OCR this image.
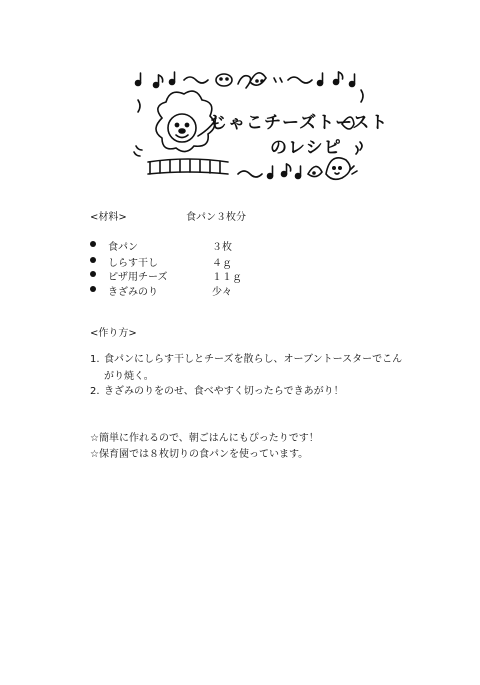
じゃこチーズトースト
のレシピ
<材料>	食パン３枚分
食パン	３枚
しらす干し	４ｇ
ピザ用チーズ	１１ｇ
きざみのり	少々
<作り方>
1. 食パンにしらす干しとチーズを散らし、オーブントースターでこんがり焼く。
2. きざみのりをのせ、食べやすく切ったらできあがり！
☆簡単に作れるので、朝ごはんにもぴったりです！
☆保育園では８枚切りの食パンを使っています。
